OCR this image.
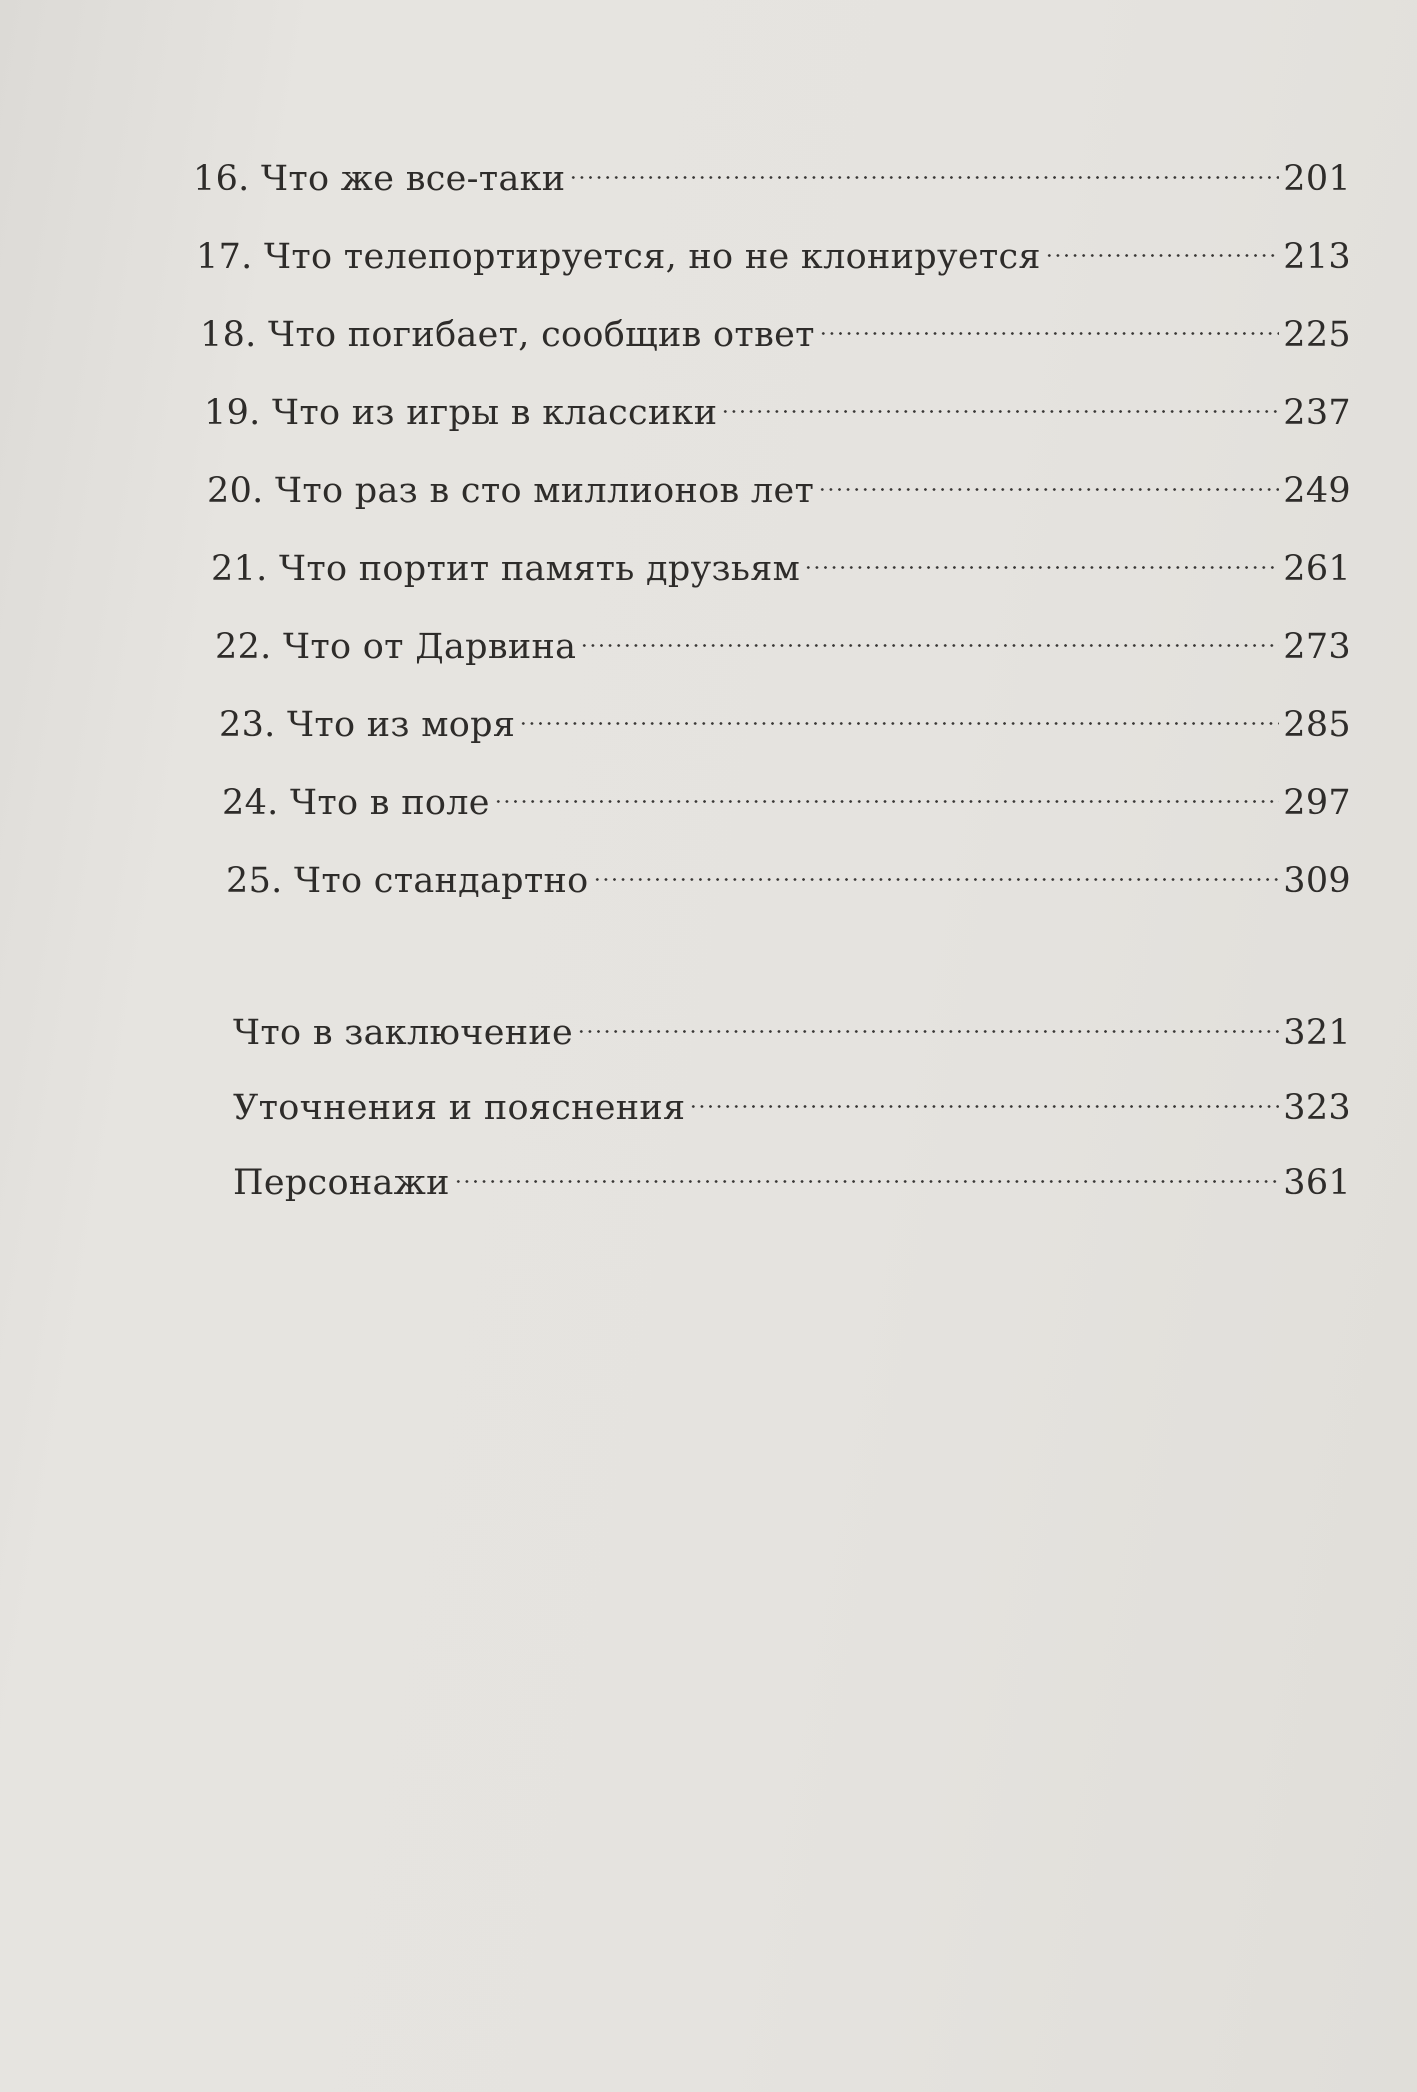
16. Что же все-таки	201
17. Что телепортируется, но не клонируется	213
18. Что погибает, сообщив ответ	225
19. Что из игры в классики	237
20. Что раз в сто миллионов лет	249
21. Что портит память друзьям	261
22. Что от Дарвина	273
23. Что из моря	285
24. Что в поле	297
25. Что стандартно	309
Что в заключение	321
Уточнения и пояснения	323
Персонажи	361
